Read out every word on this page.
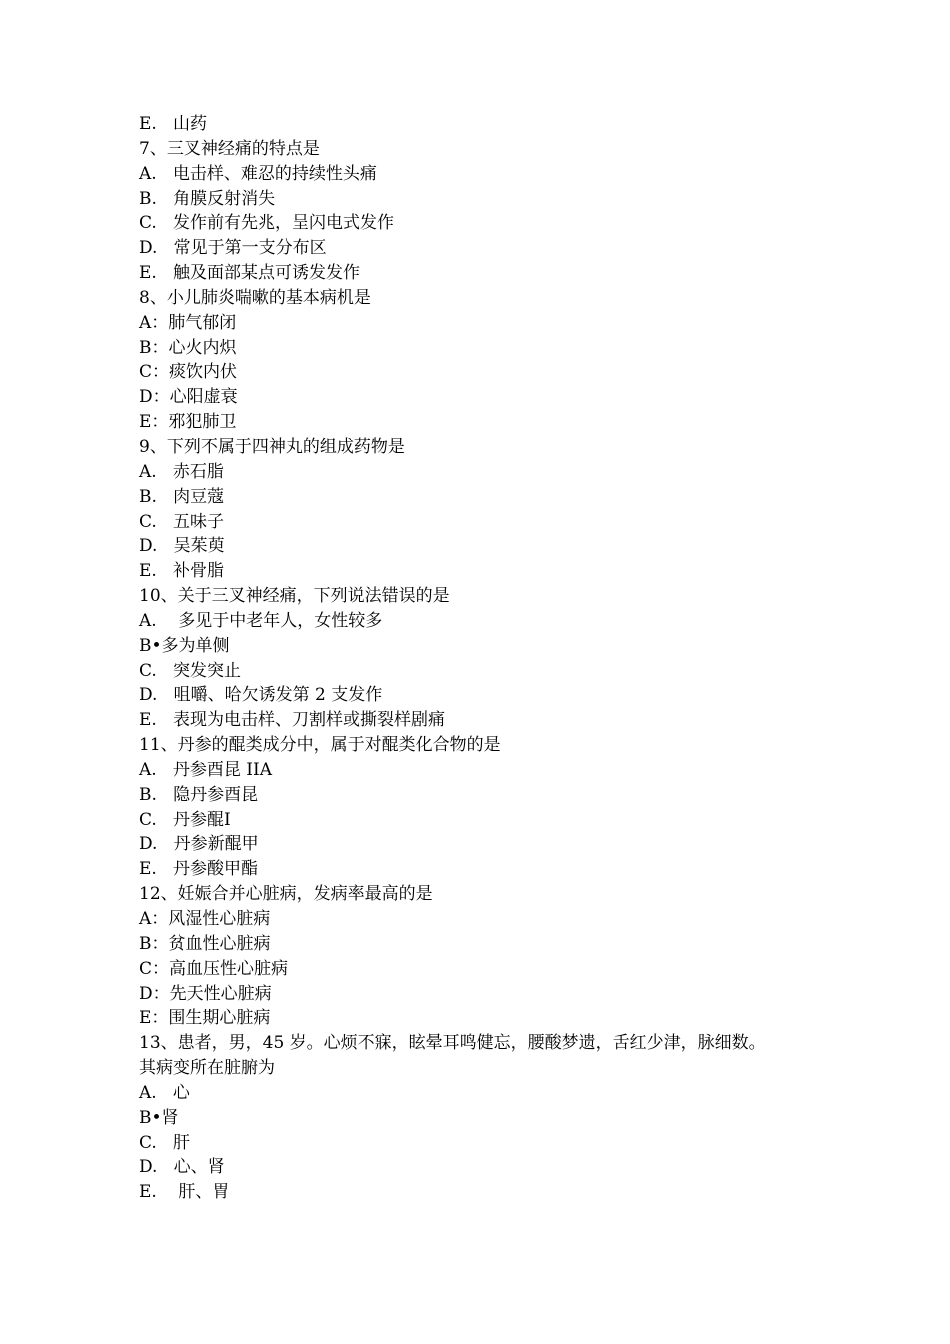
E.   山药
7、三叉神经痛的特点是
A.   电击样、难忍的持续性头痛
B.   角膜反射消失
C.   发作前有先兆，呈闪电式发作
D.   常见于第一支分布区
E.   触及面部某点可诱发发作
8、小儿肺炎喘嗽的基本病机是
A：肺气郁闭
B：心火内炽
C：痰饮内伏
D：心阳虚衰
E：邪犯肺卫
9、下列不属于四神丸的组成药物是
A.   赤石脂
B.   肉豆蔻
C.   五味子
D.   吴茱萸
E.   补骨脂
10、关于三叉神经痛，下列说法错误的是
A.    多见于中老年人，女性较多
B•多为单侧
C.   突发突止
D.   咀嚼、哈欠诱发第 2 支发作
E.   表现为电击样、刀割样或撕裂样剧痛
11、丹参的醌类成分中，属于对醌类化合物的是
A.   丹参酉昆 IIA
B.   隐丹参酉昆
C.   丹参醌Ⅰ
D.   丹参新醌甲
E.   丹参酸甲酯
12、妊娠合并心脏病，发病率最高的是
A：风湿性心脏病
B：贫血性心脏病
C：高血压性心脏病
D：先天性心脏病
E：围生期心脏病
13、患者，男，45 岁。心烦不寐，眩晕耳鸣健忘，腰酸梦遗，舌红少津，脉细数。
其病变所在脏腑为
A.   心
B•肾
C.   肝
D.   心、肾
E.    肝、胃
